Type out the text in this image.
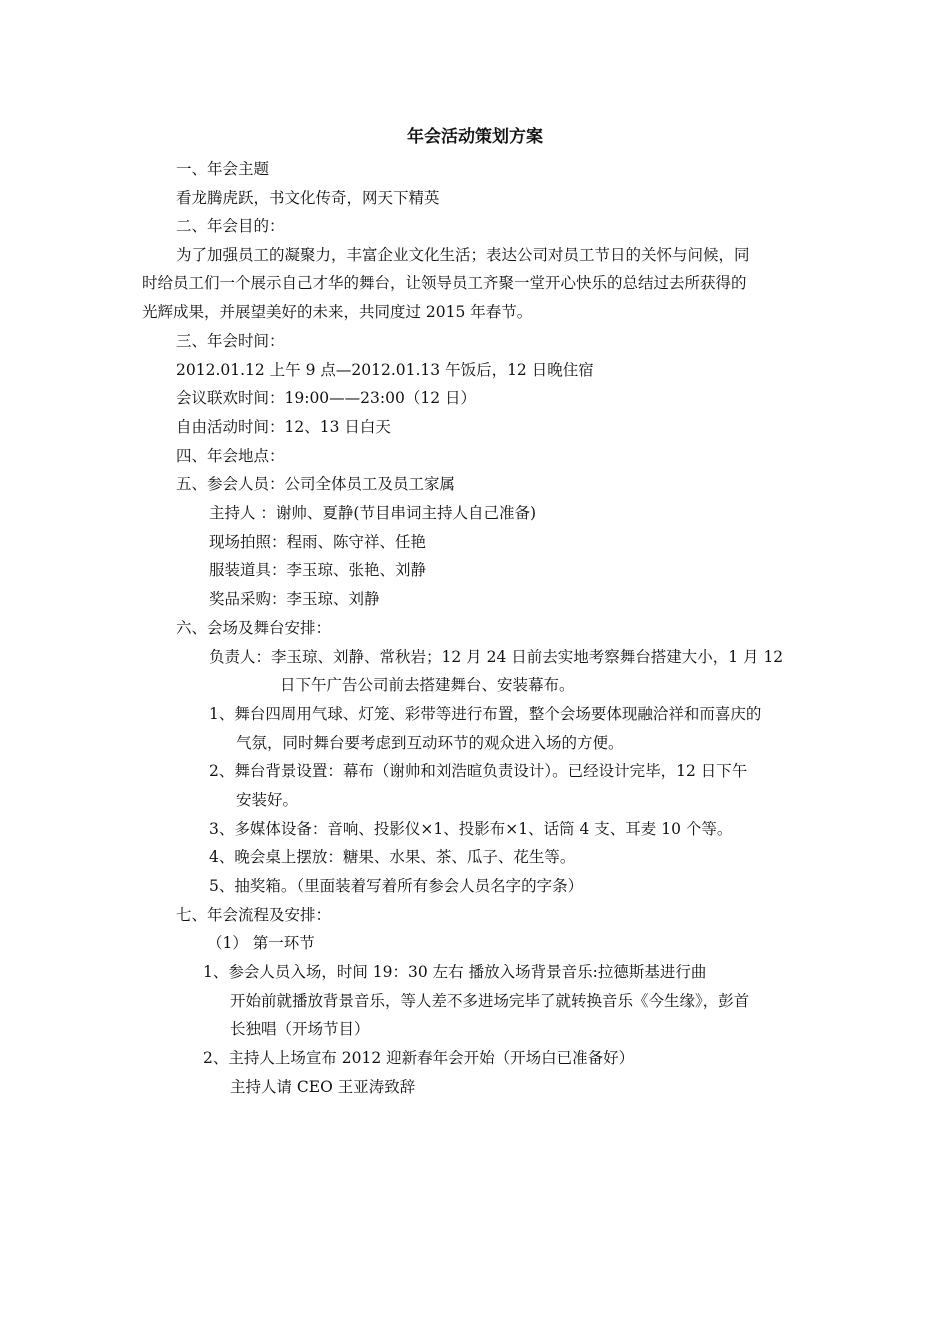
年会活动策划方案
一、年会主题
看龙腾虎跃，书文化传奇，网天下精英
二、年会目的：
为了加强员工的凝聚力，丰富企业文化生活；表达公司对员工节日的关怀与问候，同
时给员工们一个展示自己才华的舞台，让领导员工齐聚一堂开心快乐的总结过去所获得的
光辉成果，并展望美好的未来，共同度过 2015 年春节。
三、年会时间：
2012.01.12 上午 9 点—2012.01.13 午饭后，12 日晚住宿
会议联欢时间：19:00——23:00（12 日）
自由活动时间：12、13 日白天
四、年会地点：
五、参会人员：公司全体员工及员工家属
主持人 ：谢帅、夏静(节目串词主持人自己准备)
现场拍照：程雨、陈守祥、任艳
服装道具：李玉琼、张艳、刘静
奖品采购：李玉琼、刘静
六、会场及舞台安排：
负责人：李玉琼、刘静、常秋岩；12 月 24 日前去实地考察舞台搭建大小，1 月 12
日下午广告公司前去搭建舞台、安装幕布。
1、舞台四周用气球、灯笼、彩带等进行布置，整个会场要体现融洽祥和而喜庆的
气氛，同时舞台要考虑到互动环节的观众进入场的方便。
2、舞台背景设置：幕布（谢帅和刘浩暄负责设计）。已经设计完毕，12 日下午
安装好。
3、多媒体设备：音响、投影仪×1、投影布×1、话筒 4 支、耳麦 10 个等。
4、晚会桌上摆放：糖果、水果、茶、瓜子、花生等。
5、抽奖箱。（里面装着写着所有参会人员名字的字条）
七、年会流程及安排：
（1） 第一环节
1、参会人员入场，时间 19：30 左右 播放入场背景音乐:拉德斯基进行曲
开始前就播放背景音乐，等人差不多进场完毕了就转换音乐《今生缘》，彭首
长独唱（开场节目）
2、主持人上场宣布 2012 迎新春年会开始（开场白已准备好）
主持人请 CEO 王亚涛致辞
